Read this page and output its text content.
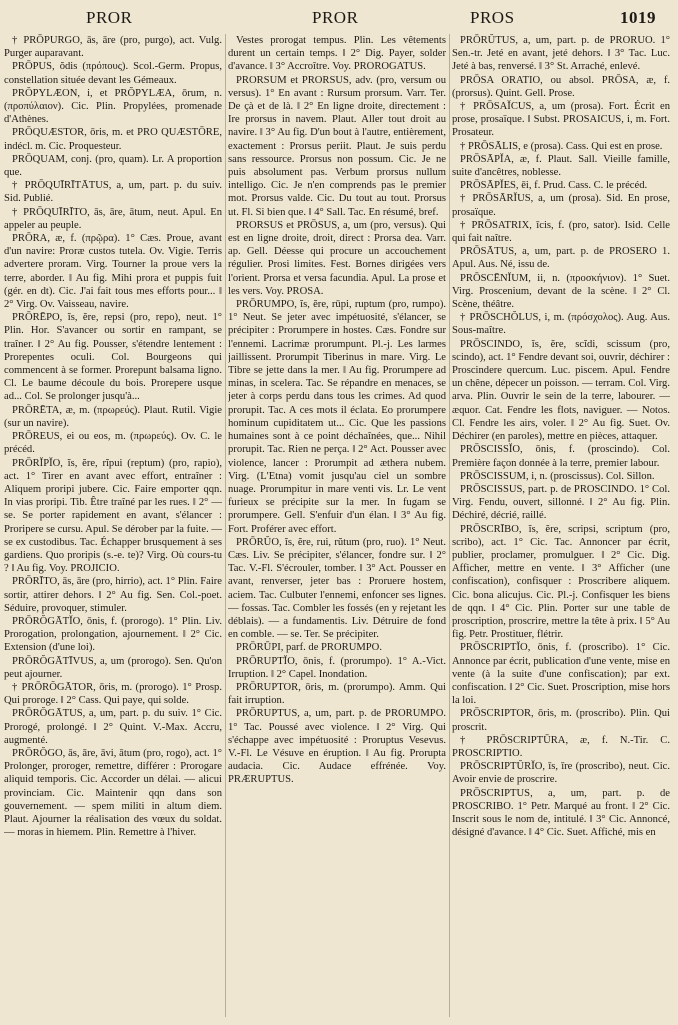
PROR	PROR	PROS	1019

† PRŌPURGO, ās, āre (pro, purgo), act. Vulg. Purger auparavant.

PRŌPUS, ŏdis (πρόπους). Scol.-Germ. Propus, constellation située devant les Gémeaux.

PRŎPYLÆON, i, et PRŎPYLÆA, ōrum, n. (προπύλαιον). Cic. Plin. Propylées, promenade d'Athènes.

PRŌQUÆSTOR, ōris, m. et PRO QUÆSTŌRE, indécl. m. Cic. Proquesteur.

PRŌQUAM, conj. (pro, quam). Lr. A proportion que.

† PRŌQUĪRĪTĀTUS, a, um, part. p. du suiv. Sid. Publié.

† PRŌQUĪRĪTO, ās, āre, ātum, neut. Apul. En appeler au peuple.

PRŌRA, æ, f. (πρῷρα). 1° Cæs. Proue, avant d'un navire: Proræ custos tutela. Ov. Vigie. Terris advertere proram. Virg. Tourner la proue vers la terre, aborder. ‖ Au fig. Mihi prora et puppis fuit (gér. en dt). Cic. J'ai fait tous mes efforts pour... ‖ 2° Virg. Ov. Vaisseau, navire.

PRŌRĒPO, ĭs, ĕre, repsi (pro, repo), neut. 1° Plin. Hor. S'avancer ou sortir en rampant, se traîner. ‖ 2° Au fig. Pousser, s'étendre lentement : Prorepentes oculi. Col. Bourgeons qui commencent à se former. Prorepunt balsama ligno. Cl. Le baume découle du bois. Prorepere usque ad... Col. Se prolonger jusqu'à...

PRŌRĒTA, æ, m. (πρωρεύς). Plaut. Rutil. Vigie (sur un navire).

PRŌREUS, ei ou eos, m. (πρωρεύς). Ov. C. le précéd.

PRŌRĬPĬO, ĭs, ĕre, rĭpui (reptum) (pro, rapio), act. 1° Tirer en avant avec effort, entraîner : Aliquem proripi jubere. Cic. Faire emporter qqn. In vias proripi. Tib. Être traîné par les rues. ‖ 2° — se. Se porter rapidement en avant, s'élancer : Proripere se cursu. Apul. Se dérober par la fuite. — se ex custodibus. Tac. Échapper brusquement à ses gardiens. Quo proripis (s.-e. te)? Virg. Où cours-tu ? ‖ Au fig. Voy. PROJICIO.

PRŌRĪTO, ās, āre (pro, hirrio), act. 1° Plin. Faire sortir, attirer dehors. ‖ 2° Au fig. Sen. Col.-poet. Séduire, provoquer, stimuler.

PRŌRŎGĀTĬO, ōnis, f. (prorogo). 1° Plin. Liv. Prorogation, prolongation, ajournement. ‖ 2° Cic. Extension (d'une loi).

PRŌRŎGĀTĪVUS, a, um (prorogo). Sen. Qu'on peut ajourner.

† PRŌRŎGĀTOR, ōris, m. (prorogo). 1° Prosp. Qui proroge. ‖ 2° Cass. Qui paye, qui solde.

PRŌRŎGĀTUS, a, um, part. p. du suiv. 1° Cic. Prorogé, prolongé. ‖ 2° Quint. V.-Max. Accru, augmenté.

PRŌRŎGO, ās, āre, āvi, ātum (pro, rogo), act. 1° Prolonger, proroger, remettre, différer : Prorogare aliquid temporis. Cic. Accorder un délai. — alicui provinciam. Cic. Maintenir qqn dans son gouvernement. — spem militi in altum diem. Plaut. Ajourner la réalisation des vœux du soldat. — moras in hiemem. Plin. Remettre à l'hiver.

Vestes prorogat tempus. Plin. Les vêtements durent un certain temps. ‖ 2° Dig. Payer, solder d'avance. ‖ 3° Accroître. Voy. PROROGATUS.

PRORSUM et PRORSUS, adv. (pro, versum ou versus). 1° En avant : Rursum prorsum. Varr. Ter. De çà et de là. ‖ 2° En ligne droite, directement : Ire prorsus in navem. Plaut. Aller tout droit au navire. ‖ 3° Au fig. D'un bout à l'autre, entièrement, exactement : Prorsus periit. Plaut. Je suis perdu sans ressource. Prorsus non possum. Cic. Je ne puis absolument pas. Verbum prorsus nullum intelligo. Cic. Je n'en comprends pas le premier mot. Prorsus valde. Cic. Du tout au tout. Prorsus ut. Fl. Si bien que. ‖ 4° Sall. Tac. En résumé, bref.

PRORSUS et PRŌSUS, a, um (pro, versus). Qui est en ligne droite, droit, direct : Prorsa dea. Varr. ap. Gell. Déesse qui procure un accouchement régulier. Prosi limites. Fest. Bornes dirigées vers l'orient. Prorsa et versa facundia. Apul. La prose et les vers. Voy. PROSA.

PRŌRUMPO, ĭs, ĕre, rūpi, ruptum (pro, rumpo). 1° Neut. Se jeter avec impétuosité, s'élancer, se précipiter : Prorumpere in hostes. Cæs. Fondre sur l'ennemi. Lacrimæ prorumpunt. Pl.-j. Les larmes jaillissent. Prorumpit Tiberinus in mare. Virg. Le Tibre se jette dans la mer. ‖ Au fig. Prorumpere ad minas, in scelera. Tac. Se répandre en menaces, se jeter à corps perdu dans tous les crimes. Ad quod prorupit. Tac. A ces mots il éclata. Eo prorumpere hominum cupiditatem ut... Cic. Que les passions humaines sont à ce point déchaînées, que... Nihil prorupit. Tac. Rien ne perça. ‖ 2° Act. Pousser avec violence, lancer : Prorumpit ad æthera nubem. Virg. (L'Etna) vomit jusqu'au ciel un sombre nuage. Prorumpitur in mare venti vis. Lr. Le vent furieux se précipite sur la mer. In fugam se prorumpere. Gell. S'enfuir d'un élan. ‖ 3° Au fig. Fort. Proférer avec effort.

PRŌRŬO, ĭs, ĕre, rui, rŭtum (pro, ruo). 1° Neut. Cæs. Liv. Se précipiter, s'élancer, fondre sur. ‖ 2° Tac. V.-Fl. S'écrouler, tomber. ‖ 3° Act. Pousser en avant, renverser, jeter bas : Proruere hostem, aciem. Tac. Culbuter l'ennemi, enfoncer ses lignes. — fossas. Tac. Combler les fossés (en y rejetant les déblais). — a fundamentis. Liv. Détruire de fond en comble. — se. Ter. Se précipiter.

PRŌRŪPI, parf. de PRORUMPO.

PRŌRUPTĬO, ōnis, f. (prorumpo). 1° A.-Vict. Irruption. ‖ 2° Capel. Inondation.

PRŌRUPTOR, ōris, m. (prorumpo). Amm. Qui fait irruption.

PRŌRUPTUS, a, um, part. p. de PRORUMPO. 1° Tac. Poussé avec violence. ‖ 2° Virg. Qui s'échappe avec impétuosité : Proruptus Vesevus. V.-Fl. Le Vésuve en éruption. ‖ Au fig. Prorupta audacia. Cic. Audace effrénée. Voy. PRÆRUPTUS.

PRŌRŬTUS, a, um, part. p. de PRORUO. 1° Sen.-tr. Jeté en avant, jeté dehors. ‖ 3° Tac. Luc. Jeté à bas, renversé. ‖ 3° St. Arraché, enlevé.

PRŌSA ORATIO, ou absol. PRŌSA, æ, f. (prorsus). Quint. Gell. Prose.

† PRŌSAĬCUS, a, um (prosa). Fort. Écrit en prose, prosaïque. ‖ Subst. PROSAICUS, i, m. Fort. Prosateur.

† PRŌSĀLIS, e (prosa). Cass. Qui est en prose.

PRŌSĀPĬA, æ, f. Plaut. Sall. Vieille famille, suite d'ancêtres, noblesse.

PRŌSĀPĬES, ēi, f. Prud. Cass. C. le précéd.

† PRŌSĀRĬUS, a, um (prosa). Sid. En prose, prosaïque.

† PRŌSATRIX, īcis, f. (pro, sator). Isid. Celle qui fait naître.

PRŌSĀTUS, a, um, part. p. de PROSERO 1. Apul. Aus. Né, issu de.

PRŌSCĒNĬUM, ii, n. (προσκήνιον). 1° Suet. Virg. Proscenium, devant de la scène. ‖ 2° Cl. Scène, théâtre.

† PRŌSCHŎLUS, i, m. (πρόσχολος). Aug. Aus. Sous-maître.

PRŌSCINDO, ĭs, ĕre, scĭdi, scissum (pro, scindo), act. 1° Fendre devant soi, ouvrir, déchirer : Proscindere quercum. Luc. piscem. Apul. Fendre un chêne, dépecer un poisson. — terram. Col. Virg. arva. Plin. Ouvrir le sein de la terre, labourer. — æquor. Cat. Fendre les flots, naviguer. — Notos. Cl. Fendre les airs, voler. ‖ 2° Au fig. Suet. Ov. Déchirer (en paroles), mettre en pièces, attaquer.

PRŌSCISSĬO, ōnis, f. (proscindo). Col. Première façon donnée à la terre, premier labour.

PRŌSCISSUM, i, n. (proscissus). Col. Sillon.

PRŌSCISSUS, part. p. de PROSCINDO. 1° Col. Virg. Fendu, ouvert, sillonné. ‖ 2° Au fig. Plin. Déchiré, décrié, raillé.

PRŌSCRĪBO, ĭs, ĕre, scripsi, scriptum (pro, scribo), act. 1° Cic. Tac. Annoncer par écrit, publier, proclamer, promulguer. ‖ 2° Cic. Dig. Afficher, mettre en vente. ‖ 3° Afficher (une confiscation), confisquer : Proscribere aliquem. Cic. bona alicujus. Cic. Pl.-j. Confisquer les biens de qqn. ‖ 4° Cic. Plin. Porter sur une table de proscription, proscrire, mettre la tête à prix. ‖ 5° Au fig. Petr. Prostituer, flétrir.

PRŌSCRIPTĬO, ōnis, f. (proscribo). 1° Cic. Annonce par écrit, publication d'une vente, mise en vente (à la suite d'une confiscation); par ext. confiscation. ‖ 2° Cic. Suet. Proscription, mise hors la loi.

PRŌSCRIPTOR, ōris, m. (proscribo). Plin. Qui proscrit.

† PRŌSCRIPTŪRA, æ, f. N.-Tir. C. PROSCRIPTIO.

PRŌSCRIPTŬRĬO, īs, īre (proscribo), neut. Cic. Avoir envie de proscrire.

PRŌSCRIPTUS, a, um, part. p. de PROSCRIBO. 1° Petr. Marqué au front. ‖ 2° Cic. Inscrit sous le nom de, intitulé. ‖ 3° Cic. Annoncé, désigné d'avance. ‖ 4° Cic. Suet. Affiché, mis en
